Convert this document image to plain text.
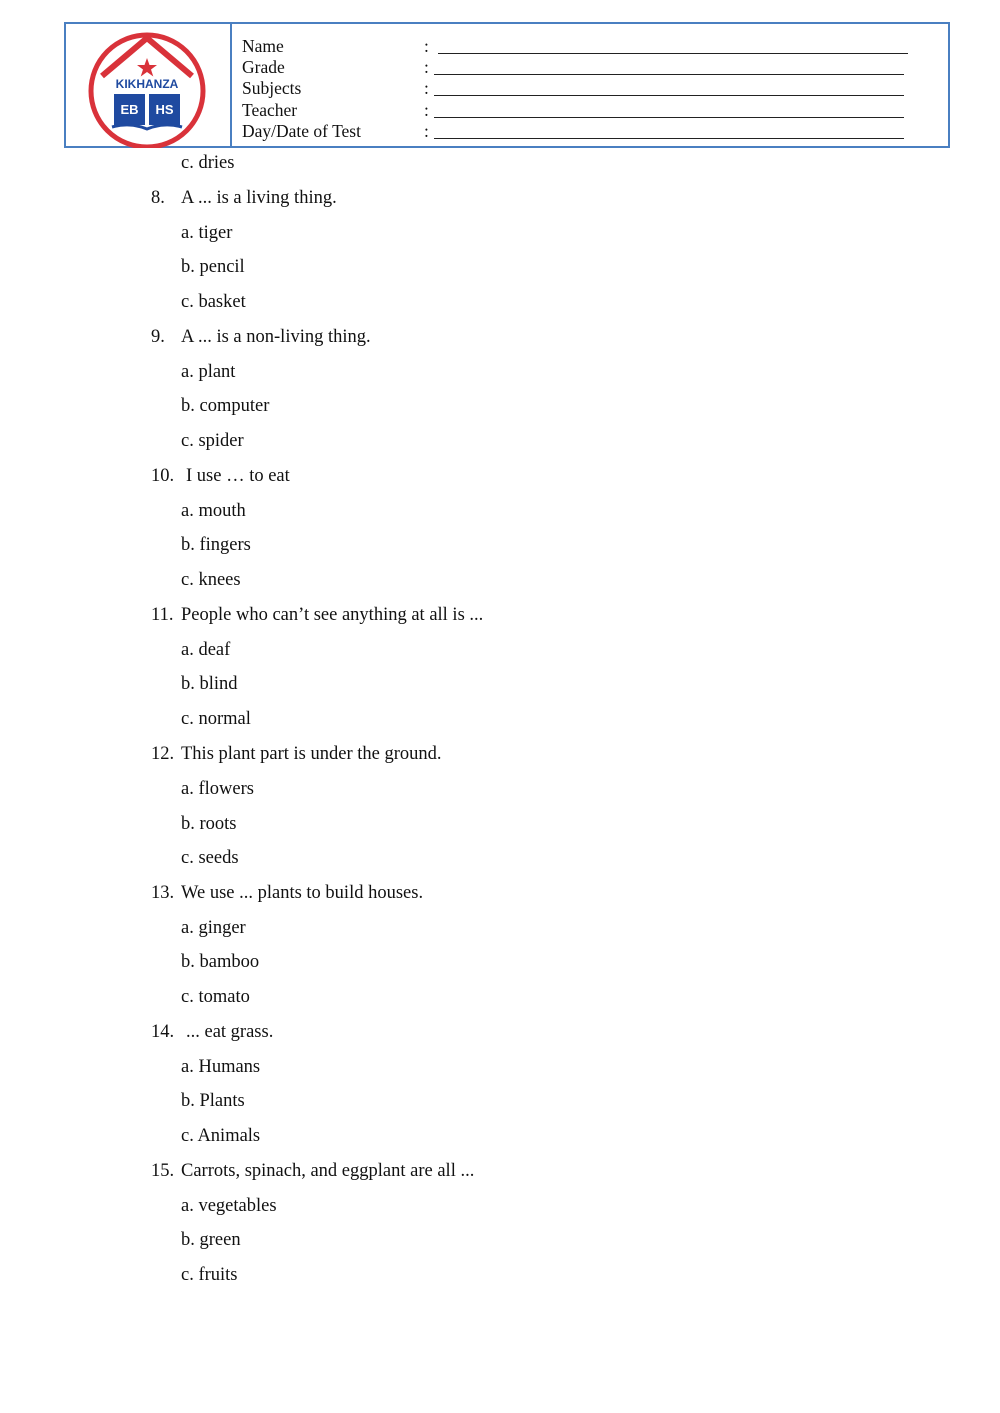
KIKHANZA
EB HS
Name	:
Grade	:
Subjects	:
Teacher	:
Day/Date of Test	:
c. dries
8. A ... is a living thing.
a. tiger
b. pencil
c. basket
9. A ... is a non-living thing.
a. plant
b. computer
c. spider
10. I use … to eat
a. mouth
b. fingers
c. knees
11. People who can’t see anything at all is ...
a. deaf
b. blind
c. normal
12. This plant part is under the ground.
a. flowers
b. roots
c. seeds
13. We use ... plants to build houses.
a. ginger
b. bamboo
c. tomato
14. ... eat grass.
a. Humans
b. Plants
c. Animals
15. Carrots, spinach, and eggplant are all ...
a. vegetables
b. green
c. fruits
